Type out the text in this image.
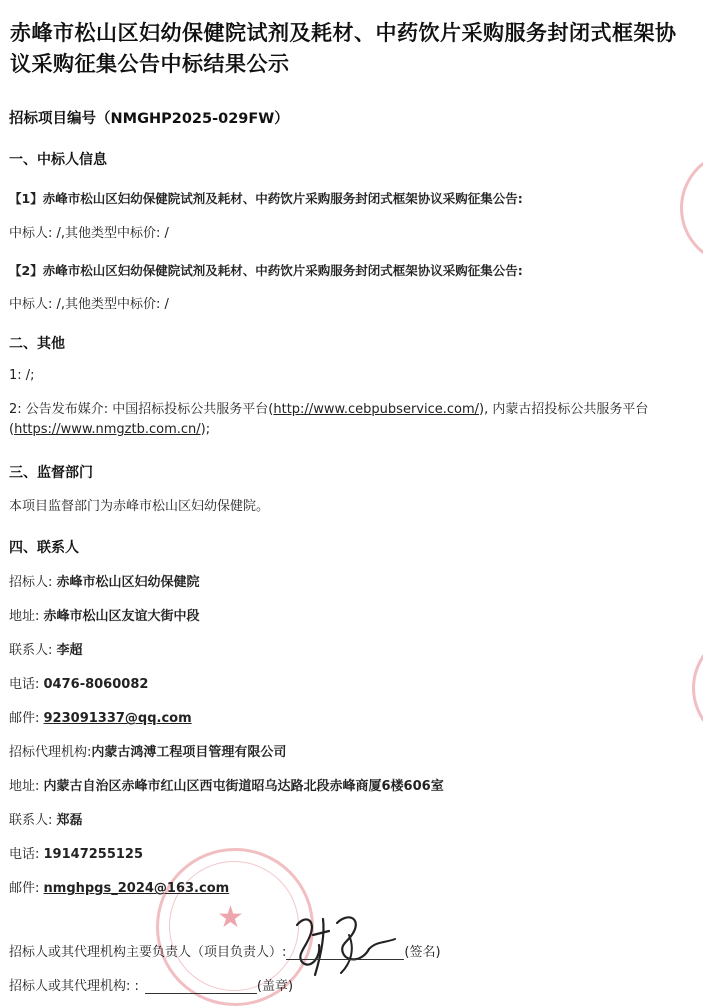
★
赤峰市松山区妇幼保健院试剂及耗材、中药饮片采购服务封闭式框架协议采购征集公告中标结果公示
招标项目编号（NMGHP2025-029FW）
一、中标人信息
【1】赤峰市松山区妇幼保健院试剂及耗材、中药饮片采购服务封闭式框架协议采购征集公告:
中标人: /,其他类型中标价: /
【2】赤峰市松山区妇幼保健院试剂及耗材、中药饮片采购服务封闭式框架协议采购征集公告:
中标人: /,其他类型中标价: /
二、其他
1: /;
2: 公告发布媒介: 中国招标投标公共服务平台(http://www.cebpubservice.com/), 内蒙古招投标公共服务平台(https://www.nmgztb.com.cn/);
三、监督部门
本项目监督部门为赤峰市松山区妇幼保健院。
四、联系人
招标人: 赤峰市松山区妇幼保健院
地址: 赤峰市松山区友谊大街中段
联系人: 李超
电话: 0476-8060082
邮件: 923091337@qq.com
招标代理机构:内蒙古鸿溥工程项目管理有限公司
地址: 内蒙古自治区赤峰市红山区西屯街道昭乌达路北段赤峰商厦6楼606室
联系人: 郑磊
电话: 19147255125
邮件: nmghpgs_2024@163.com
招标人或其代理机构主要负责人（项目负责人）:	(签名)
招标人或其代理机构: :	(盖章)
